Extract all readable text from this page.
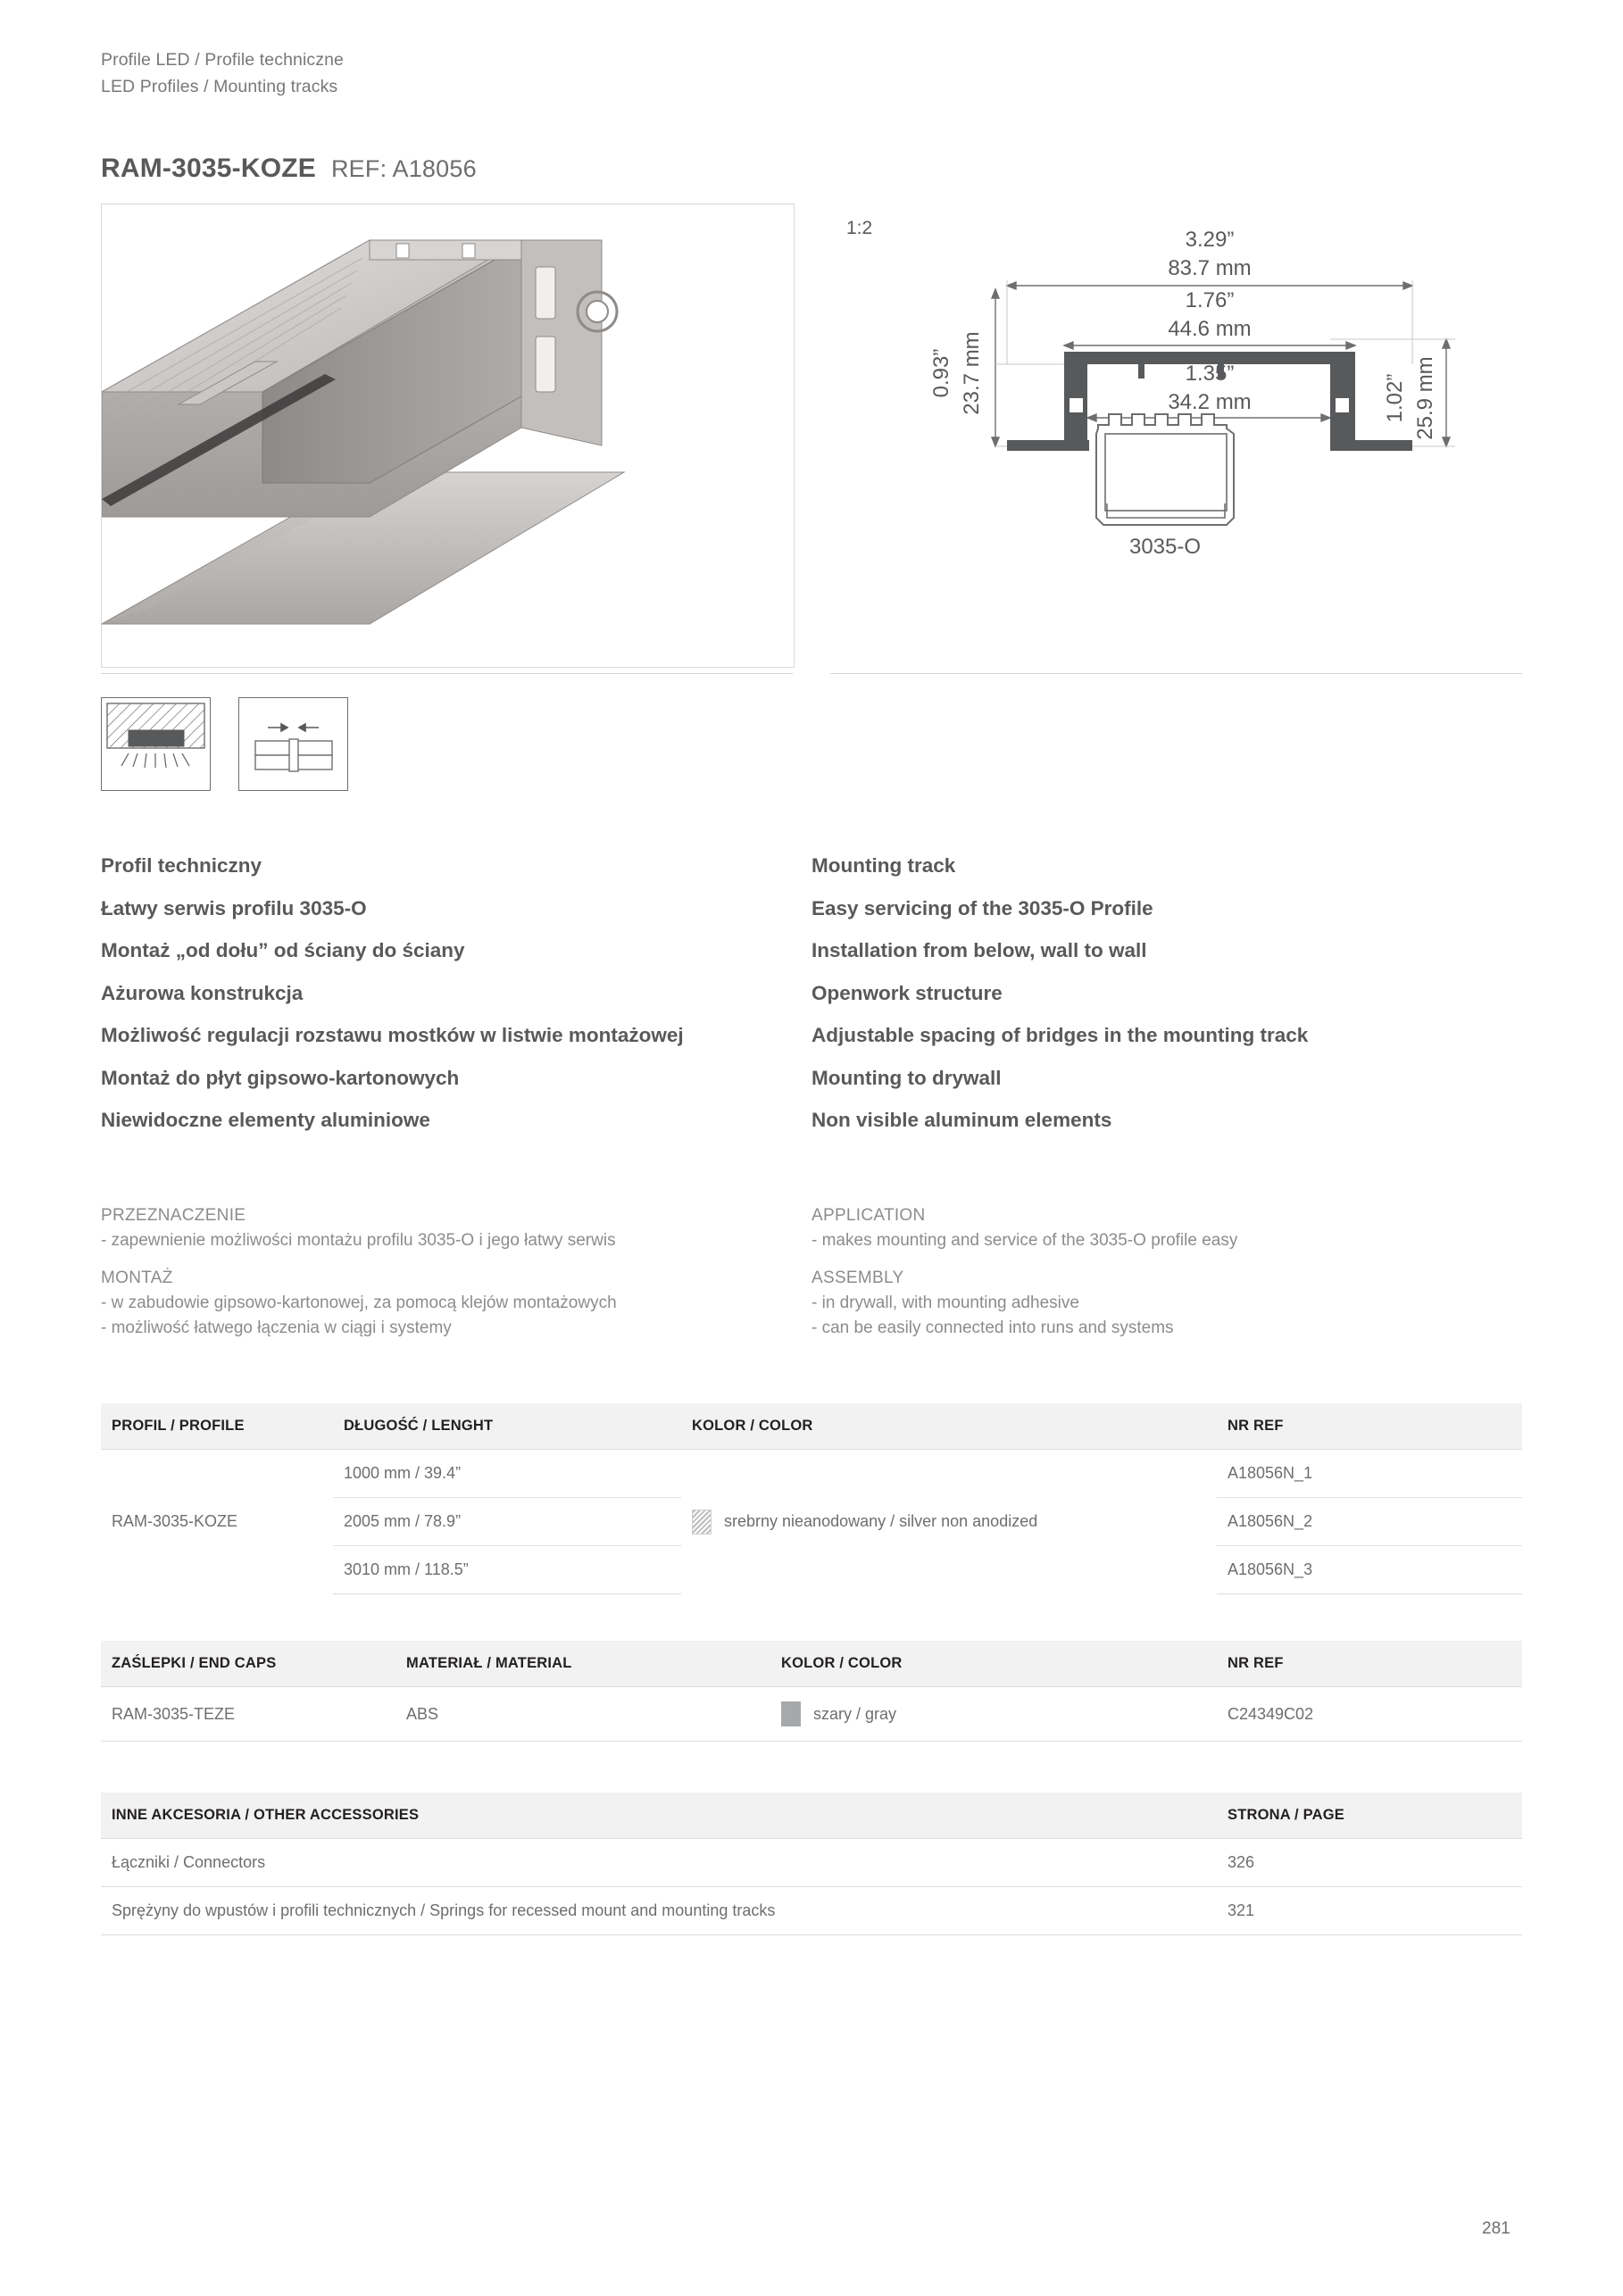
Profile LED / Profile techniczne
LED Profiles / Mounting tracks
RAM-3035-KOZE REF: A18056
1:2	3.29”
83.7 mm
1.76”
44.6 mm
1.35”
34.2 mm
0.93” 23.7 mm	1.02” 25.9 mm
3035-O
Profil techniczny
Łatwy serwis profilu 3035-O
Montaż „od dołu” od ściany do ściany
Ażurowa konstrukcja
Możliwość regulacji rozstawu mostków w listwie montażowej
Montaż do płyt gipsowo-kartonowych
Niewidoczne elementy aluminiowe
Mounting track
Easy servicing of the 3035-O Profile
Installation from below, wall to wall
Openwork structure
Adjustable spacing of bridges in the mounting track
Mounting to drywall
Non visible aluminum elements
PRZEZNACZENIE
- zapewnienie możliwości montażu profilu 3035-O i jego łatwy serwis
MONTAŻ
- w zabudowie gipsowo-kartonowej, za pomocą klejów montażowych
- możliwość łatwego łączenia w ciągi i systemy
APPLICATION
- makes mounting and service of the 3035-O profile easy
ASSEMBLY
- in drywall, with mounting adhesive
- can be easily connected into runs and systems
PROFIL / PROFILE	DŁUGOŚĆ / LENGHT	KOLOR / COLOR	NR REF
RAM-3035-KOZE	1000 mm / 39.4”	srebrny nieanodowany / silver non anodized	A18056N_1
	2005 mm / 78.9”		A18056N_2
	3010 mm / 118.5”		A18056N_3
ZAŚLEPKI / END CAPS	MATERIAŁ / MATERIAL	KOLOR / COLOR	NR REF
RAM-3035-TEZE	ABS	szary / gray	C24349C02
INNE AKCESORIA / OTHER ACCESSORIES	STRONA / PAGE
Łączniki / Connectors	326
Sprężyny do wpustów i profili technicznych / Springs for recessed mount and mounting tracks	321
281
